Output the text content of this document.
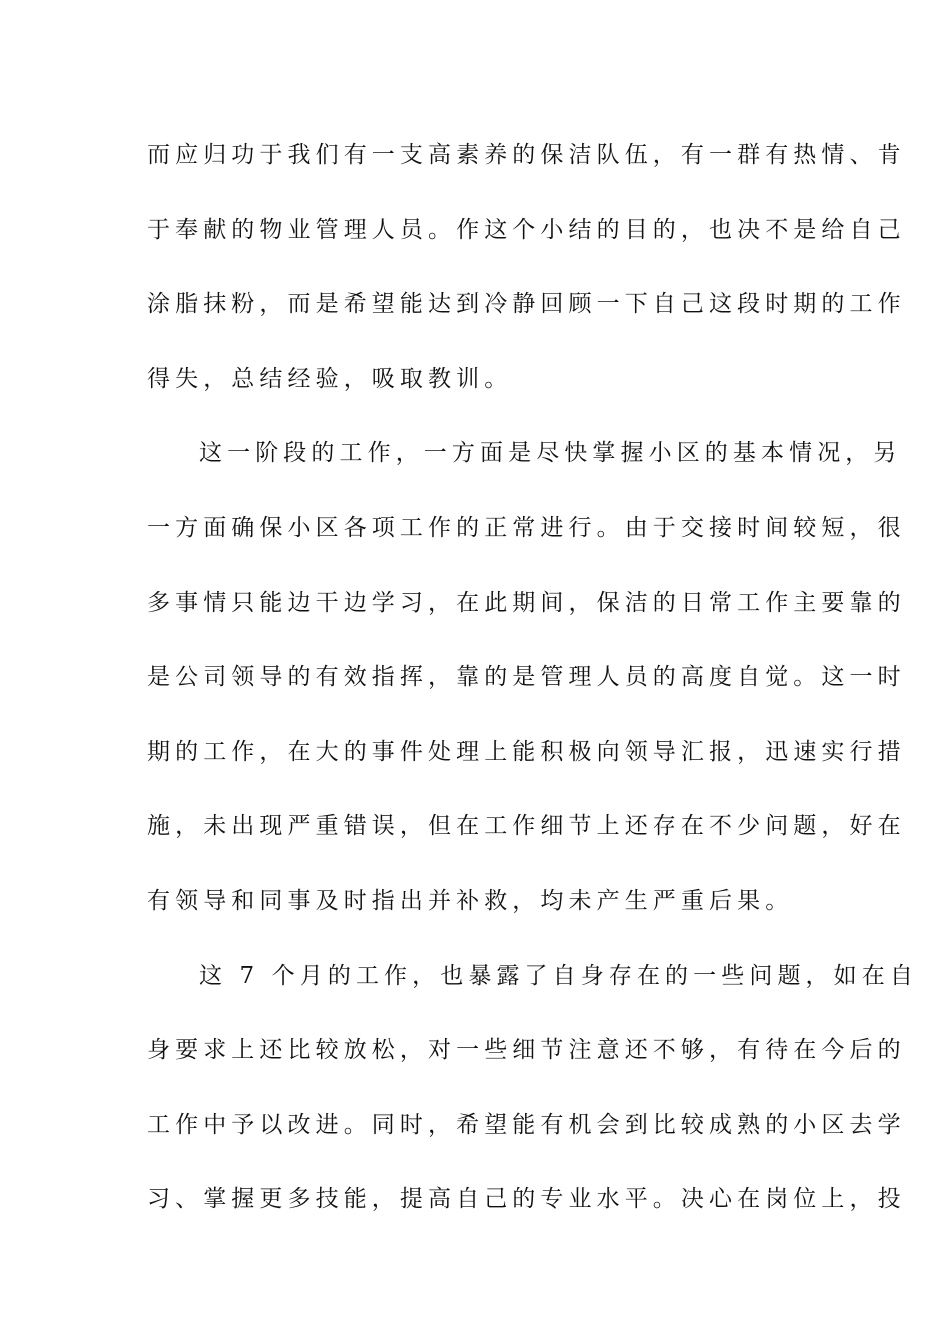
而应归功于我们有一支高素养的保洁队伍，有一群有热情、肯
于奉献的物业管理人员。作这个小结的目的，也决不是给自己
涂脂抹粉，而是希望能达到冷静回顾一下自己这段时期的工作
得失，总结经验，吸取教训。
这一阶段的工作，一方面是尽快掌握小区的基本情况，另
一方面确保小区各项工作的正常进行。由于交接时间较短，很
多事情只能边干边学习，在此期间，保洁的日常工作主要靠的
是公司领导的有效指挥，靠的是管理人员的高度自觉。这一时
期的工作，在大的事件处理上能积极向领导汇报，迅速实行措
施，未出现严重错误，但在工作细节上还存在不少问题，好在
有领导和同事及时指出并补救，均未产生严重后果。
这 7 个月的工作，也暴露了自身存在的一些问题，如在自
身要求上还比较放松，对一些细节注意还不够，有待在今后的
工作中予以改进。同时，希望能有机会到比较成熟的小区去学
习、掌握更多技能，提高自己的专业水平。决心在岗位上，投
